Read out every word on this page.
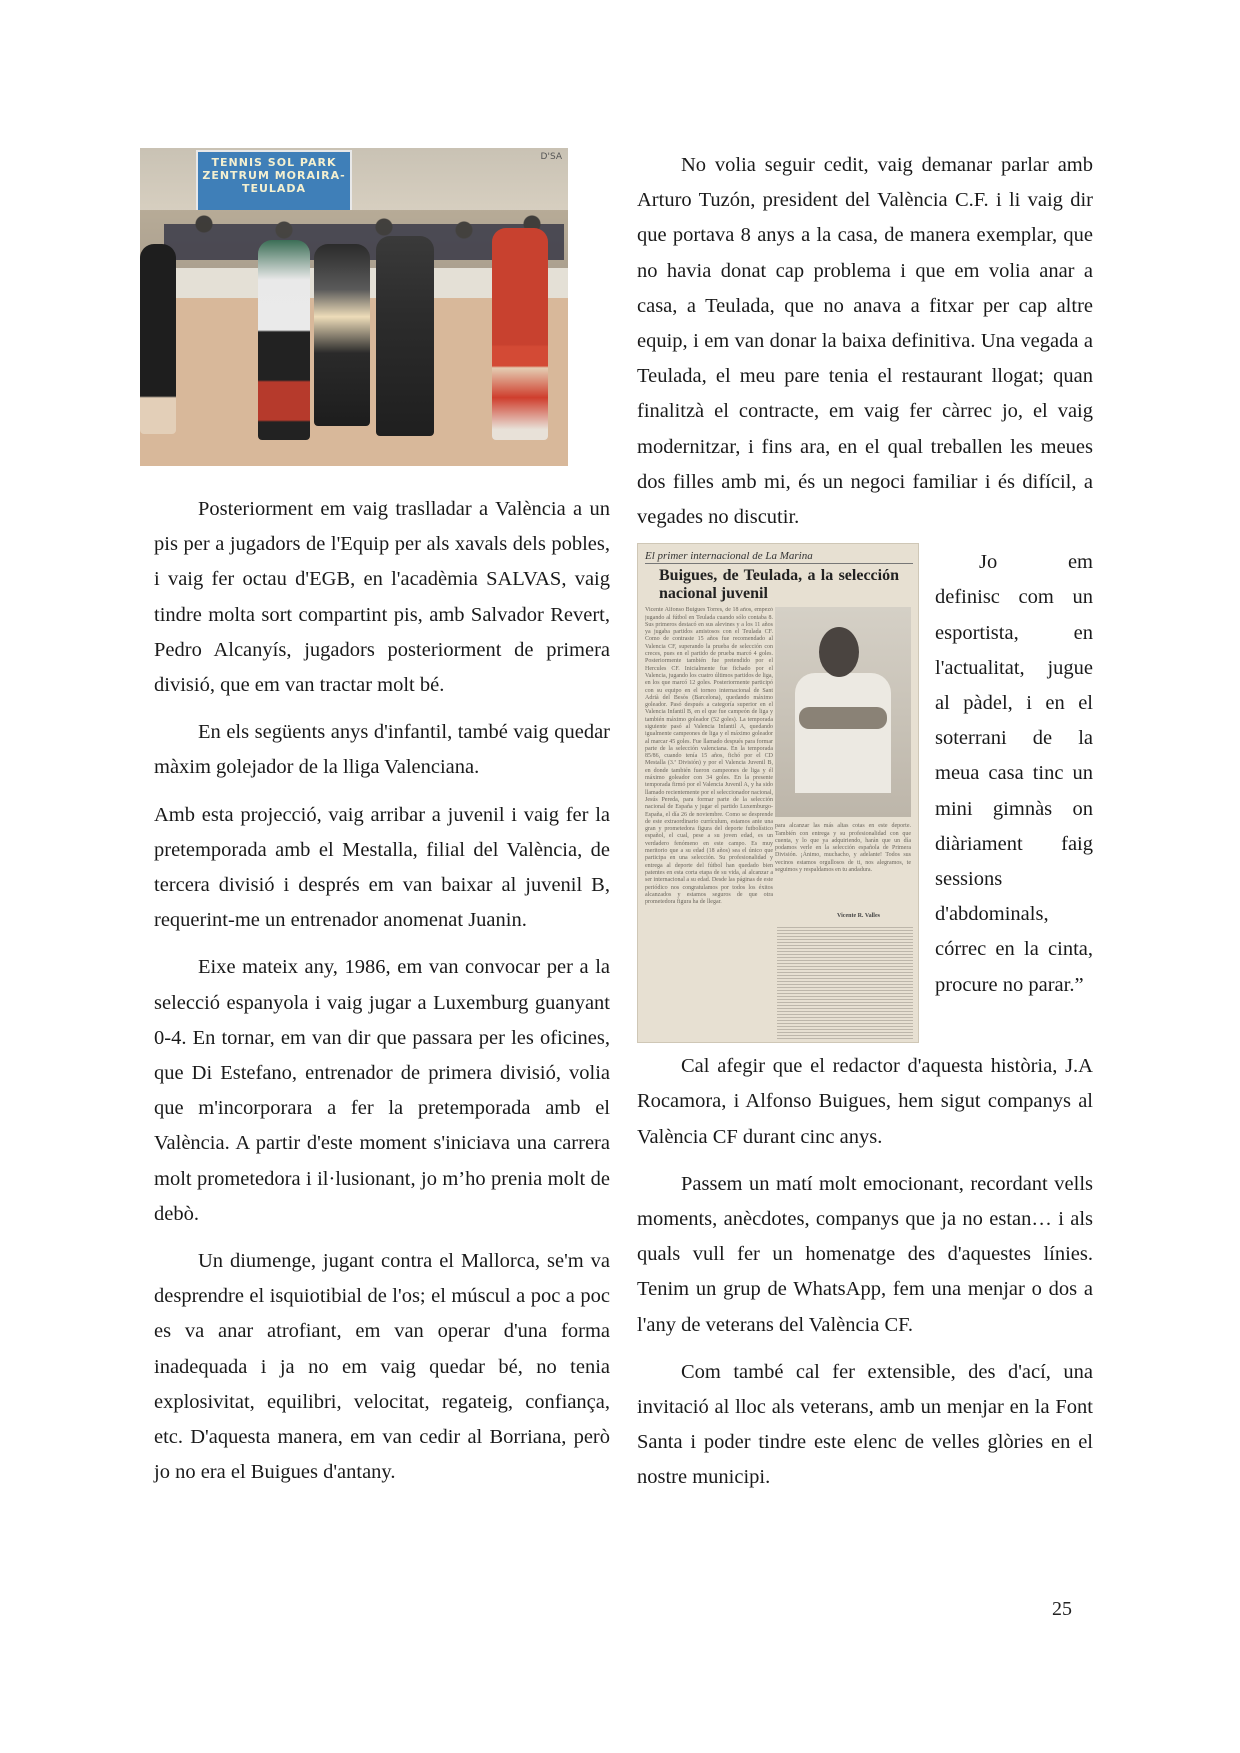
TENNIS SOL PARK ZENTRUM MORAIRA-TEULADA
D'SA

Posteriorment em vaig traslladar a València a un pis per a jugadors de l'Equip per als xavals dels pobles, i vaig fer octau d'EGB, en l'acadèmia SALVAS, vaig tindre molta sort compartint pis, amb Salvador Revert, Pedro Alcanyís, jugadors posteriorment de primera divisió, que em van tractar molt bé.

En els següents anys d'infantil, també vaig quedar màxim golejador de la lliga Valenciana.

Amb esta projecció, vaig arribar a juvenil i vaig fer la pretemporada amb el Mestalla, filial del València, de tercera divisió i després em van baixar al juvenil B, requerint-me un entrenador anomenat Juanin.

Eixe mateix any, 1986, em van convocar per a la selecció espanyola i vaig jugar a Luxemburg guanyant 0-4. En tornar, em van dir que passara per les oficines, que Di Estefano, entrenador de primera divisió, volia que m'incorporara a fer la pretemporada amb el València. A partir d'este moment s'iniciava una carrera molt prometedora i il·lusionant, jo m’ho prenia molt de debò.

Un diumenge, jugant contra el Mallorca, se'm va desprendre el isquiotibial de l'os; el múscul a poc a poc es va anar atrofiant, em van operar d'una forma inadequada i ja no em vaig quedar bé, no tenia explosivitat, equilibri, velocitat, regateig, confiança, etc. D'aquesta manera, em van cedir al Borriana, però jo no era el Buigues d'antany.

No volia seguir cedit, vaig demanar parlar amb Arturo Tuzón, president del València C.F. i li vaig dir que portava 8 anys a la casa, de manera exemplar, que no havia donat cap problema i que em volia anar a casa, a Teulada, que no anava a fitxar per cap altre equip, i em van donar la baixa definitiva. Una vegada a Teulada, el meu pare tenia el restaurant llogat; quan finalitzà el contracte, em vaig fer càrrec jo, el vaig modernitzar, i fins ara, en el qual treballen les meues dos filles amb mi, és un negoci familiar i és difícil, a vegades no discutir.

El primer internacional de La Marina
Buigues, de Teulada, a la selección nacional juvenil
Vicente Alfonso Buigues Torres, de 18 años, empezó jugando al fútbol en Teulada cuando sólo contaba 8. Sus primeros destacó en sus alevines y a los 11 años ya jugaba partidos amistosos con el Teulada CF. Como de contraste 15 años fue recomendado al Valencia CF, superando la prueba de selección con creces, pues en el partido de prueba marcó 4 goles. Posteriormente también fue pretendido por el Hercules CF. Inicialmente fue fichado por el Valencia, jugando los cuatro últimos partidos de liga, en los que marcó 12 goles. Posteriormente participó con su equipo en el torneo internacional de Sant Adrià del Besòs (Barcelona), quedando máximo goleador. Pasó después a categoría superior en el Valencia Infantil B, en el que fue campeón de liga y también máximo goleador (52 goles). La temporada siguiente pasó al Valencia Infantil A, quedando igualmente campeones de liga y el máximo goleador al marcar 45 goles. Fue llamado después para formar parte de la selección valenciana. En la temporada 85/86, cuando tenía 15 años, fichó por el CD Mestalla (3.ª División) y por el Valencia Juvenil B, en donde también fueron campeones de liga y él máximo goleador con 34 goles. En la presente temporada firmó por el Valencia Juvenil A, y ha sido llamado recientemente por el seleccionador nacional, Jesús Pereda, para formar parte de la selección nacional de España y jugar el partido Luxemburgo-España, el día 26 de noviembre. Como se desprende de este extraordinario currículum, estamos ante una gran y prometedora figura del deporte futbolístico español, el cual, pese a su joven edad, es un verdadero fenómeno en este campo. Es muy meritorio que a su edad (18 años) sea el único que participa en una selección. Su profesionalidad y entrega al deporte del fútbol han quedado bien patentes en esta corta etapa de su vida, al alcanzar a ser internacional a su edad. Desde las páginas de este periódico nos congratulamos por todos los éxitos alcanzados y estamos seguros de que otra prometedora figura ha de llegar.
para alcanzar las más altas cotas en este deporte. También con entrega y su profesionalidad con que cuenta, y lo que ya adquiriendo, harán que un día podamos verle en la selección española de Primera División. ¡Ánimo, muchacho, y adelante! Todos sus vecinos estamos orgullosos de ti, nos alegramos, te seguimos y respaldamos en tu andadura.
Vicente R. Valles

Jo em definisc com un esportista, en l'actualitat, jugue al pàdel, i en el soterrani de la meua casa tinc un mini gimnàs on diàriament faig sessions d'abdominals, córrec en la cinta, procure no parar.”

Cal afegir que el redactor d'aquesta història, J.A Rocamora, i Alfonso Buigues, hem sigut companys al València CF durant cinc anys.

Passem un matí molt emocionant, recordant vells moments, anècdotes, companys que ja no estan… i als quals vull fer un homenatge des d'aquestes línies. Tenim un grup de WhatsApp, fem una menjar o dos a l'any de veterans del València CF.

Com també cal fer extensible, des d'ací, una invitació al lloc als veterans, amb un menjar en la Font Santa i poder tindre este elenc de velles glòries en el nostre municipi.

25
